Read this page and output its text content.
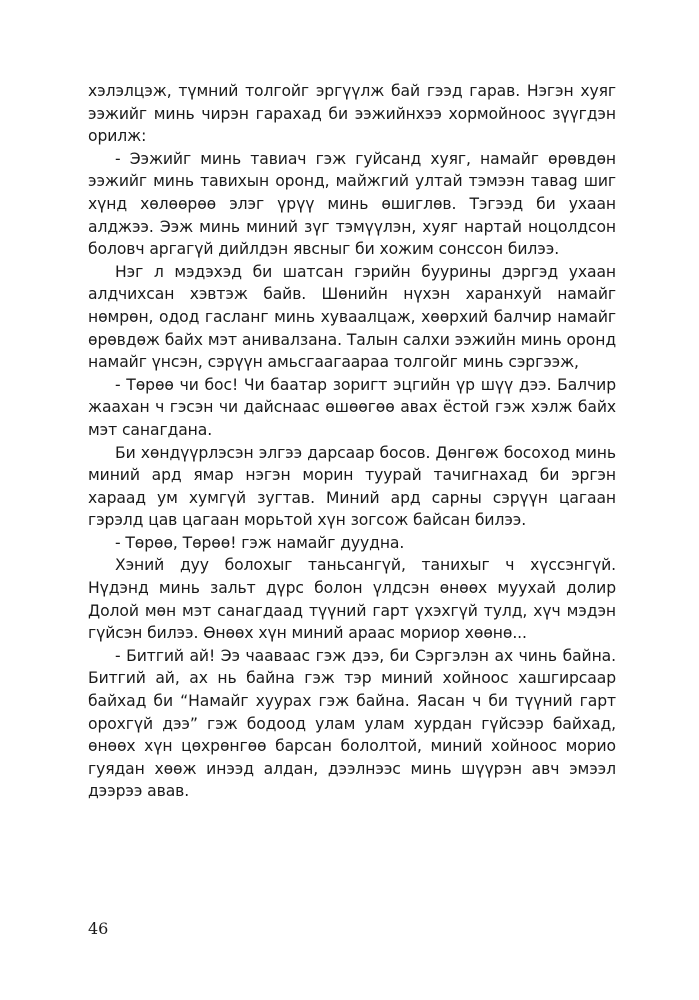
хэлэлцэж, түмний толгойг эргүүлж бай гээд гарав. Нэгэн хуяг ээжийг минь чирэн гарахад би ээжийнхээ хормойноос зүүгдэн орилж:

- Ээжийг минь тавиач гэж гуйсанд хуяг, намайг өрөвдөн ээжийг минь тавихын оронд, майжгий ултай тэмээн тавag шиг хүнд хөлөөрөө элэг үрүү минь өшиглөв. Тэгээд би ухаан алджээ. Ээж минь миний зүг тэмүүлэн, хуяг нартай ноцолдсон боловч аргагүй дийлдэн явсныг би хожим сонссон билээ.

Нэг л мэдэхэд би шатсан гэрийн буурины дэргэд ухаан алдчихсан хэвтэж байв. Шөнийн нүхэн харанхуй намайг нөмрөн, одод гасланг минь хуваалцаж, хөөрхий балчир намайг өрөвдөж байх мэт анивалзана. Талын салхи ээжийн минь оронд намайг үнсэн, сэрүүн амьсгаагаараа толгойг минь сэргээж,

- Төрөө чи бос! Чи баатар зоригт эцгийн үр шүү дээ. Балчир жаахан ч гэсэн чи дайснаас өшөөгөө авах ёстой гэж хэлж байх мэт санагдана.

Би хөндүүрлэсэн элгээ дарсаар босов. Дөнгөж босоход минь миний ард ямар нэгэн морин туурай тачигнахад би эргэн хараад ум хумгүй зугтав. Миний ард сарны сэрүүн цагаан гэрэлд цав цагаан морьтой хүн зогсож байсан билээ.

- Төрөө, Төрөө! гэж намайг дуудна.

Хэний дуу болохыг таньсангүй, танихыг ч хүссэнгүй. Нүдэнд минь зальт дүрс болон үлдсэн өнөөх муухай долир Долой мөн мэт санагдаад түүний гарт үхэхгүй тулд, хүч мэдэн гүйсэн билээ. Өнөөх хүн миний араас мориор хөөнө...

- Битгий ай! Ээ чаавaас гэж дээ, би Сэргэлэн ах чинь байна. Битгий ай, ах нь байна гэж тэр миний хойноос хашгирсаар байхад би “Намайг хуурах гэж байна. Яасан ч би түүний гарт орохгүй дээ” гэж бодоод улам улам хурдан гүйсээр байхад, өнөөх хүн цөхрөнгөө барсан бололтой, миний хойноос морио гуядан хөөж инээд алдан, дээлнээс минь шүүрэн авч эмээл дээрээ авав.

46
